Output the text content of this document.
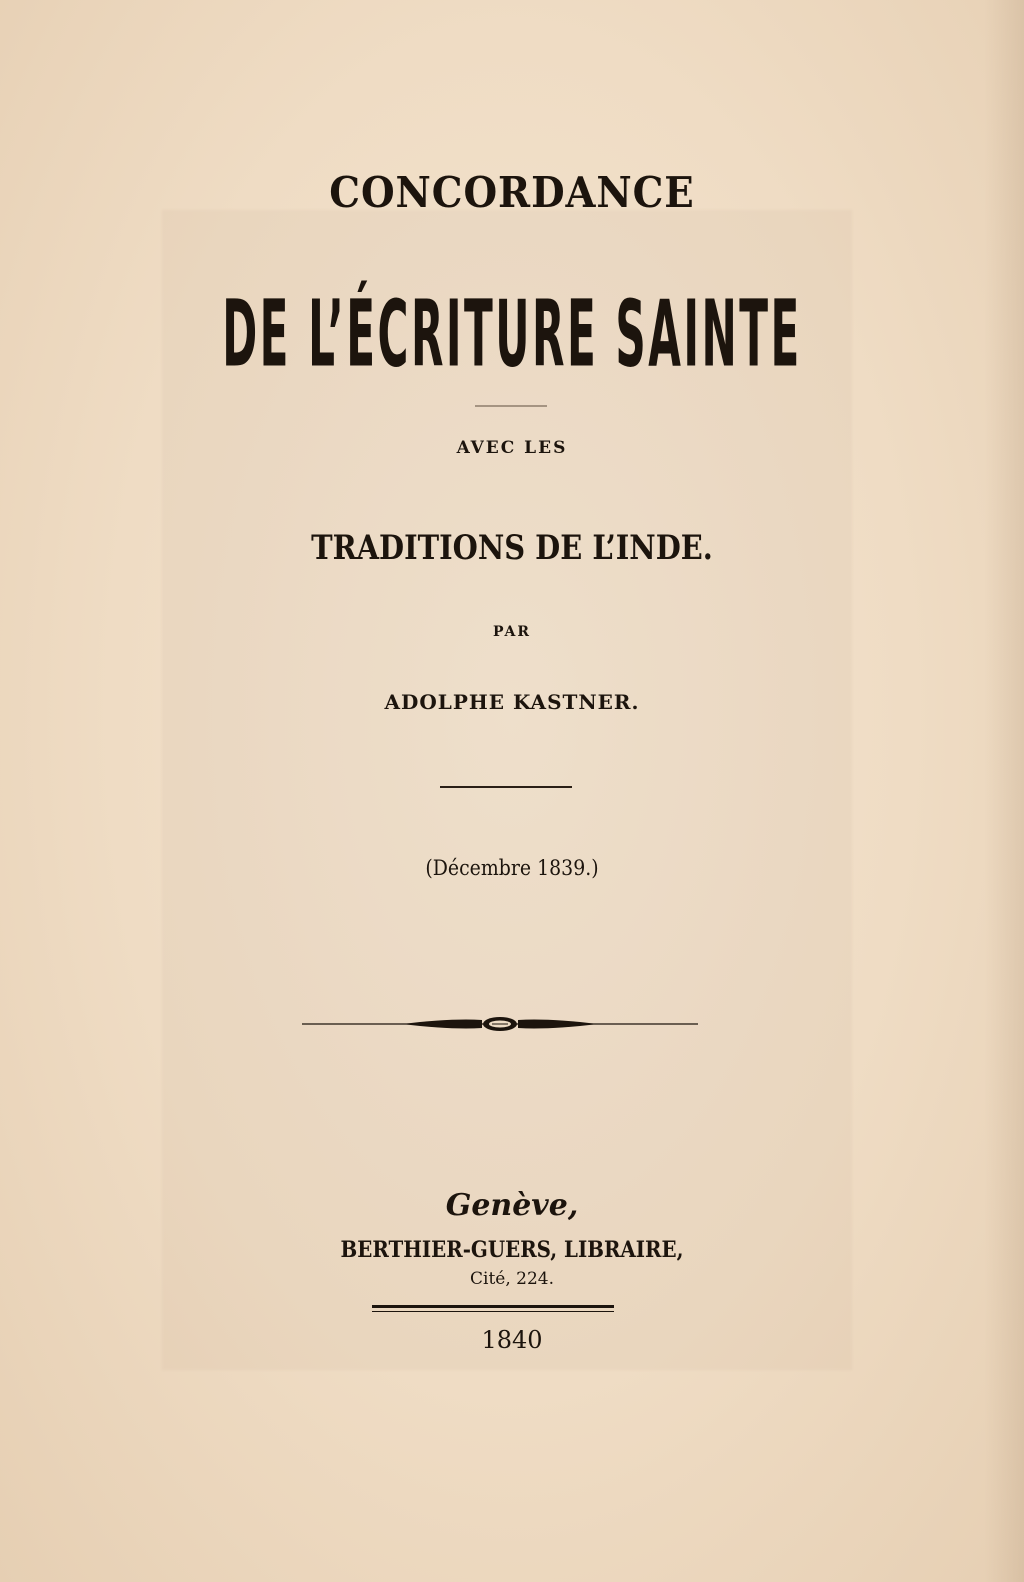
CONCORDANCE
DE L’ÉCRITURE SAINTE
AVEC LES
TRADITIONS DE L’INDE.
PAR
ADOLPHE KASTNER.
(Décembre 1839.)
Genève,
BERTHIER-GUERS, LIBRAIRE,
Cité, 224.
1840
